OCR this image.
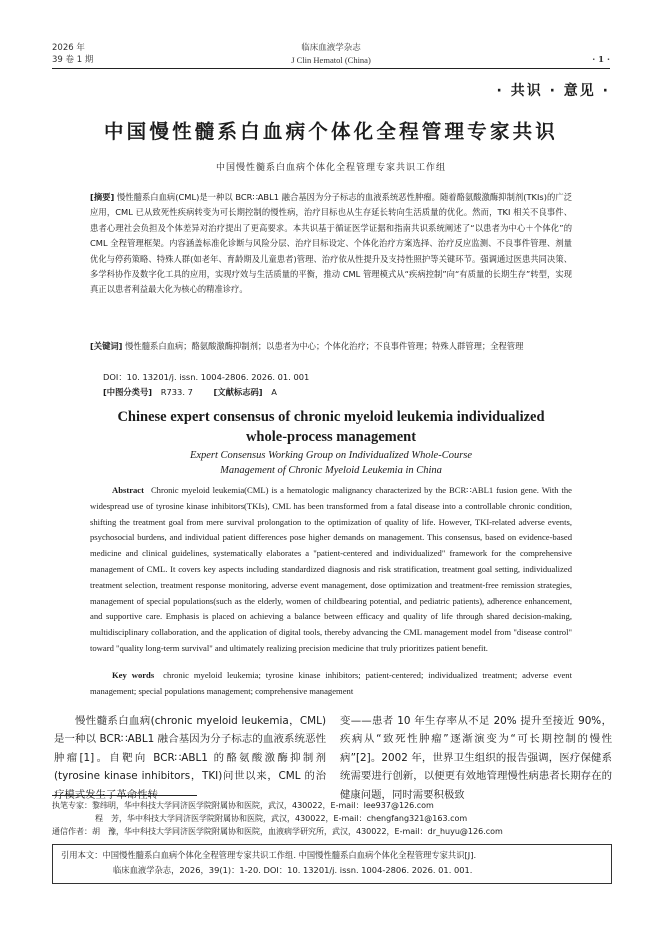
2026 年
39 卷 1 期
临床血液学杂志
J Clin Hematol (China)	· 1 ·
· 共识 · 意见 ·
中国慢性髓系白血病个体化全程管理专家共识
中国慢性髓系白血病个体化全程管理专家共识工作组
[摘要] 慢性髓系白血病(CML)是一种以 BCR∷ABL1 融合基因为分子标志的血液系统恶性肿瘤。随着酪氨酸激酶抑制剂(TKIs)的广泛应用，CML 已从致死性疾病转变为可长期控制的慢性病，治疗目标也从生存延长转向生活质量的优化。然而，TKI 相关不良事件、患者心理社会负担及个体差异对治疗提出了更高要求。本共识基于循证医学证据和指南共识系统阐述了“以患者为中心＋个体化”的 CML 全程管理框架。内容涵盖标准化诊断与风险分层、治疗目标设定、个体化治疗方案选择、治疗反应监测、不良事件管理、剂量优化与停药策略、特殊人群(如老年、育龄期及儿童患者)管理、治疗依从性提升及支持性照护等关键环节。强调通过医患共同决策、多学科协作及数字化工具的应用，实现疗效与生活质量的平衡，推动 CML 管理模式从“疾病控制”向“有质量的长期生存”转型，实现真正以患者利益最大化为核心的精准诊疗。
[关键词] 慢性髓系白血病；酪氨酸激酶抑制剂；以患者为中心；个体化治疗；不良事件管理；特殊人群管理；全程管理
DOI：10. 13201/j. issn. 1004-2806. 2026. 01. 001
[中图分类号] R733. 7 [文献标志码] A
Chinese expert consensus of chronic myeloid leukemia individualized
whole-process management
Expert Consensus Working Group on Individualized Whole-Course
Management of Chronic Myeloid Leukemia in China
Abstract Chronic myeloid leukemia(CML) is a hematologic malignancy characterized by the BCR∷ABL1 fusion gene. With the widespread use of tyrosine kinase inhibitors(TKIs), CML has been transformed from a fatal disease into a controllable chronic condition, shifting the treatment goal from mere survival prolongation to the optimization of quality of life. However, TKI-related adverse events, psychosocial burdens, and individual patient differences pose higher demands on management. This consensus, based on evidence-based medicine and clinical guidelines, systematically elaborates a "patient-centered and individualized" framework for the comprehensive management of CML. It covers key aspects including standardized diagnosis and risk stratification, treatment goal setting, individualized treatment selection, treatment response monitoring, adverse event management, dose optimization and treatment-free remission strategies, management of special populations(such as the elderly, women of childbearing potential, and pediatric patients), adherence enhancement, and supportive care. Emphasis is placed on achieving a balance between efficacy and quality of life through shared decision-making, multidisciplinary collaboration, and the application of digital tools, thereby advancing the CML management model from "disease control" toward "quality long-term survival" and ultimately realizing precision medicine that truly prioritizes patient benefit.
Key words chronic myeloid leukemia; tyrosine kinase inhibitors; patient-centered; individualized treatment; adverse event management; special populations management; comprehensive management
慢性髓系白血病(chronic myeloid leukemia，CML)是一种以 BCR∷ABL1 融合基因为分子标志的血液系统恶性肿瘤[1]。自靶向 BCR∷ABL1 的酪氨酸激酶抑制剂(tyrosine kinase inhibitors，TKI)问世以来，CML 的治疗模式发生了革命性转
变——患者 10 年生存率从不足 20% 提升至接近 90%，疾病从“致死性肿瘤”逐渐演变为“可长期控制的慢性病”[2]。2002 年，世界卫生组织的报告强调，医疗保健系统需要进行创新，以便更有效地管理慢性病患者长期存在的健康问题，同时需要积极致
执笔专家：黎纬明，华中科技大学同济医学院附属协和医院，武汉，430022，E-mail：lee937@126.com
程　芳，华中科技大学同济医学院附属协和医院，武汉，430022，E-mail：chengfang321@163.com
通信作者：胡　豫，华中科技大学同济医学院附属协和医院，血液病学研究所，武汉，430022，E-mail：dr_huyu@126.com
引用本文：中国慢性髓系白血病个体化全程管理专家共识工作组. 中国慢性髓系白血病个体化全程管理专家共识[J].
临床血液学杂志，2026，39(1)：1-20. DOI：10. 13201/j. issn. 1004-2806. 2026. 01. 001.
